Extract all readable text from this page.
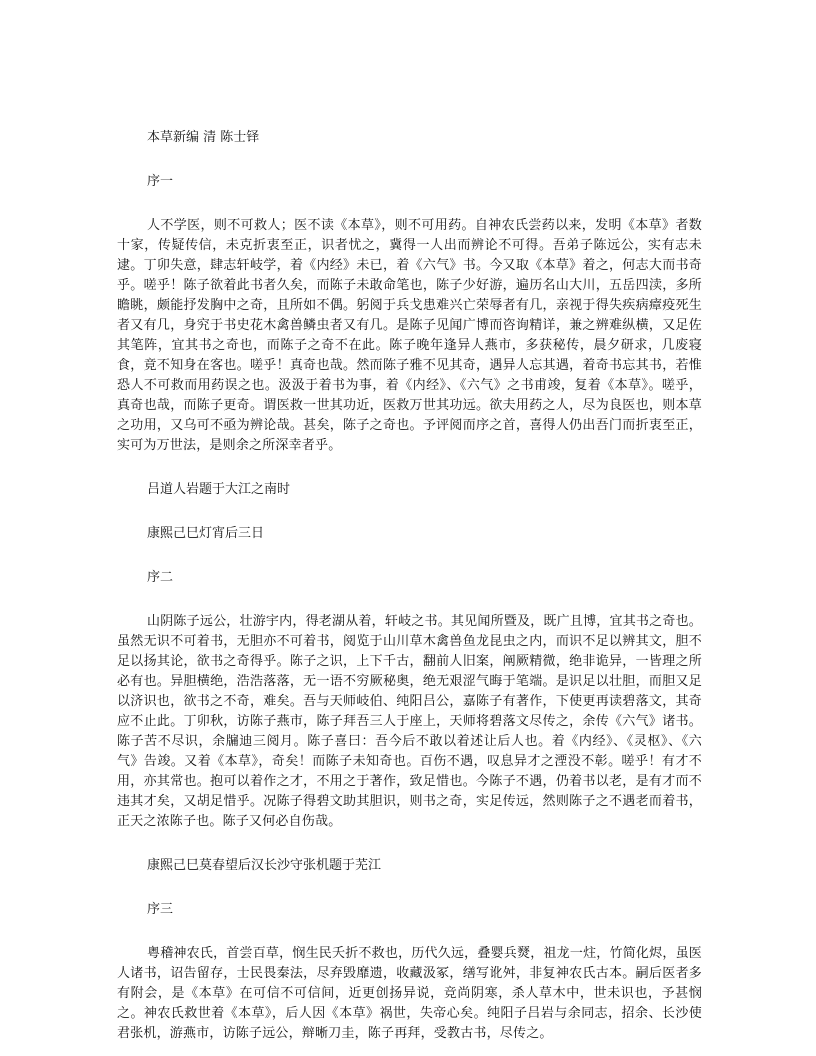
本草新编 清 陈士铎
序一

人不学医，则不可救人；医不读《本草》，则不可用药。自神农氏尝药以来，发明《本草》者数十家，传疑传信，未克折衷至正，识者忧之，冀得一人出而辨论不可得。吾弟子陈远公，实有志未逮。丁卯失意，肆志轩岐学，着《内经》未已，着《六气》书。今又取《本草》着之，何志大而书奇乎。嗟乎！陈子欲着此书者久矣，而陈子未敢命笔也，陈子少好游，遍历名山大川，五岳四渎，多所瞻眺，颇能抒发胸中之奇，且所如不偶。躬阅于兵戈患难兴亡荣辱者有几，亲视于得失疾病瘴疫死生者又有几，身究于书史花木禽兽鳞虫者又有几。是陈子见闻广博而咨询精详，兼之辨难纵横，又足佐其笔阵，宜其书之奇也，而陈子之奇不在此。陈子晚年逢异人燕市，多获秘传，晨夕研求，几废寝食，竟不知身在客也。嗟乎！真奇也哉。然而陈子雅不见其奇，遇异人忘其遇，着奇书忘其书，若惟恐人不可救而用药误之也。汲汲于着书为事，着《内经》、《六气》之书甫竣，复着《本草》。嗟乎，真奇也哉，而陈子更奇。谓医救一世其功近，医救万世其功远。欲夫用药之人，尽为良医也，则本草之功用，又乌可不亟为辨论哉。甚矣，陈子之奇也。予评阅而序之首，喜得人仍出吾门而折衷至正，实可为万世法，是则余之所深幸者乎。

吕道人岩题于大江之南时
康熙己巳灯宵后三日
序二

山阴陈子远公，壮游宇内，得老湖从着，轩岐之书。其见闻所暨及，既广且博，宜其书之奇也。虽然无识不可着书，无胆亦不可着书，阅览于山川草木禽兽鱼龙昆虫之内，而识不足以辨其文，胆不足以扬其论，欲书之奇得乎。陈子之识，上下千古，翻前人旧案，阐厥精微，绝非诡异，一皆理之所必有也。异胆横绝，浩浩落落，无一语不穷厥秘奥，绝无艰涩气晦于笔端。是识足以壮胆，而胆又足以济识也，欲书之不奇，难矣。吾与天师岐伯、纯阳吕公，嘉陈子有著作，下使更再读碧落文，其奇应不止此。丁卯秋，访陈子燕市，陈子拜吾三人于座上，天师将碧落文尽传之，余传《六气》诸书。陈子苦不尽识，余牖迪三阅月。陈子喜曰：吾今后不敢以着述让后人也。着《内经》、《灵枢》、《六气》告竣。又着《本草》，奇矣！而陈子未知奇也。百伤不遇，叹息异才之湮没不彰。嗟乎！有才不用，亦其常也。抱可以着作之才，不用之于著作，致足惜也。今陈子不遇，仍着书以老，是有才而不违其才矣，又胡足惜乎。况陈子得碧文助其胆识，则书之奇，实足传远，然则陈子之不遇老而着书，正天之浓陈子也。陈子又何必自伤哉。

康熙己巳莫春望后汉长沙守张机题于芜江
序三

粤稽神农氏，首尝百草，悯生民夭折不救也，历代久远，叠婴兵燹，祖龙一炷，竹简化烬，虽医人诸书，诏告留存，士民畏秦法，尽弃毁靡遗，收藏汲冢，缮写讹舛，非复神农氏古本。嗣后医者多有附会，是《本草》在可信不可信间，近更创扬异说，竞尚阴寒，杀人草木中，世未识也，予甚悯之。神农氏救世着《本草》，后人因《本草》祸世，失帝心矣。纯阳子吕岩与余同志，招余、长沙使君张机，游燕市，访陈子远公，辩晰刀圭，陈子再拜，受教古书，尽传之。
